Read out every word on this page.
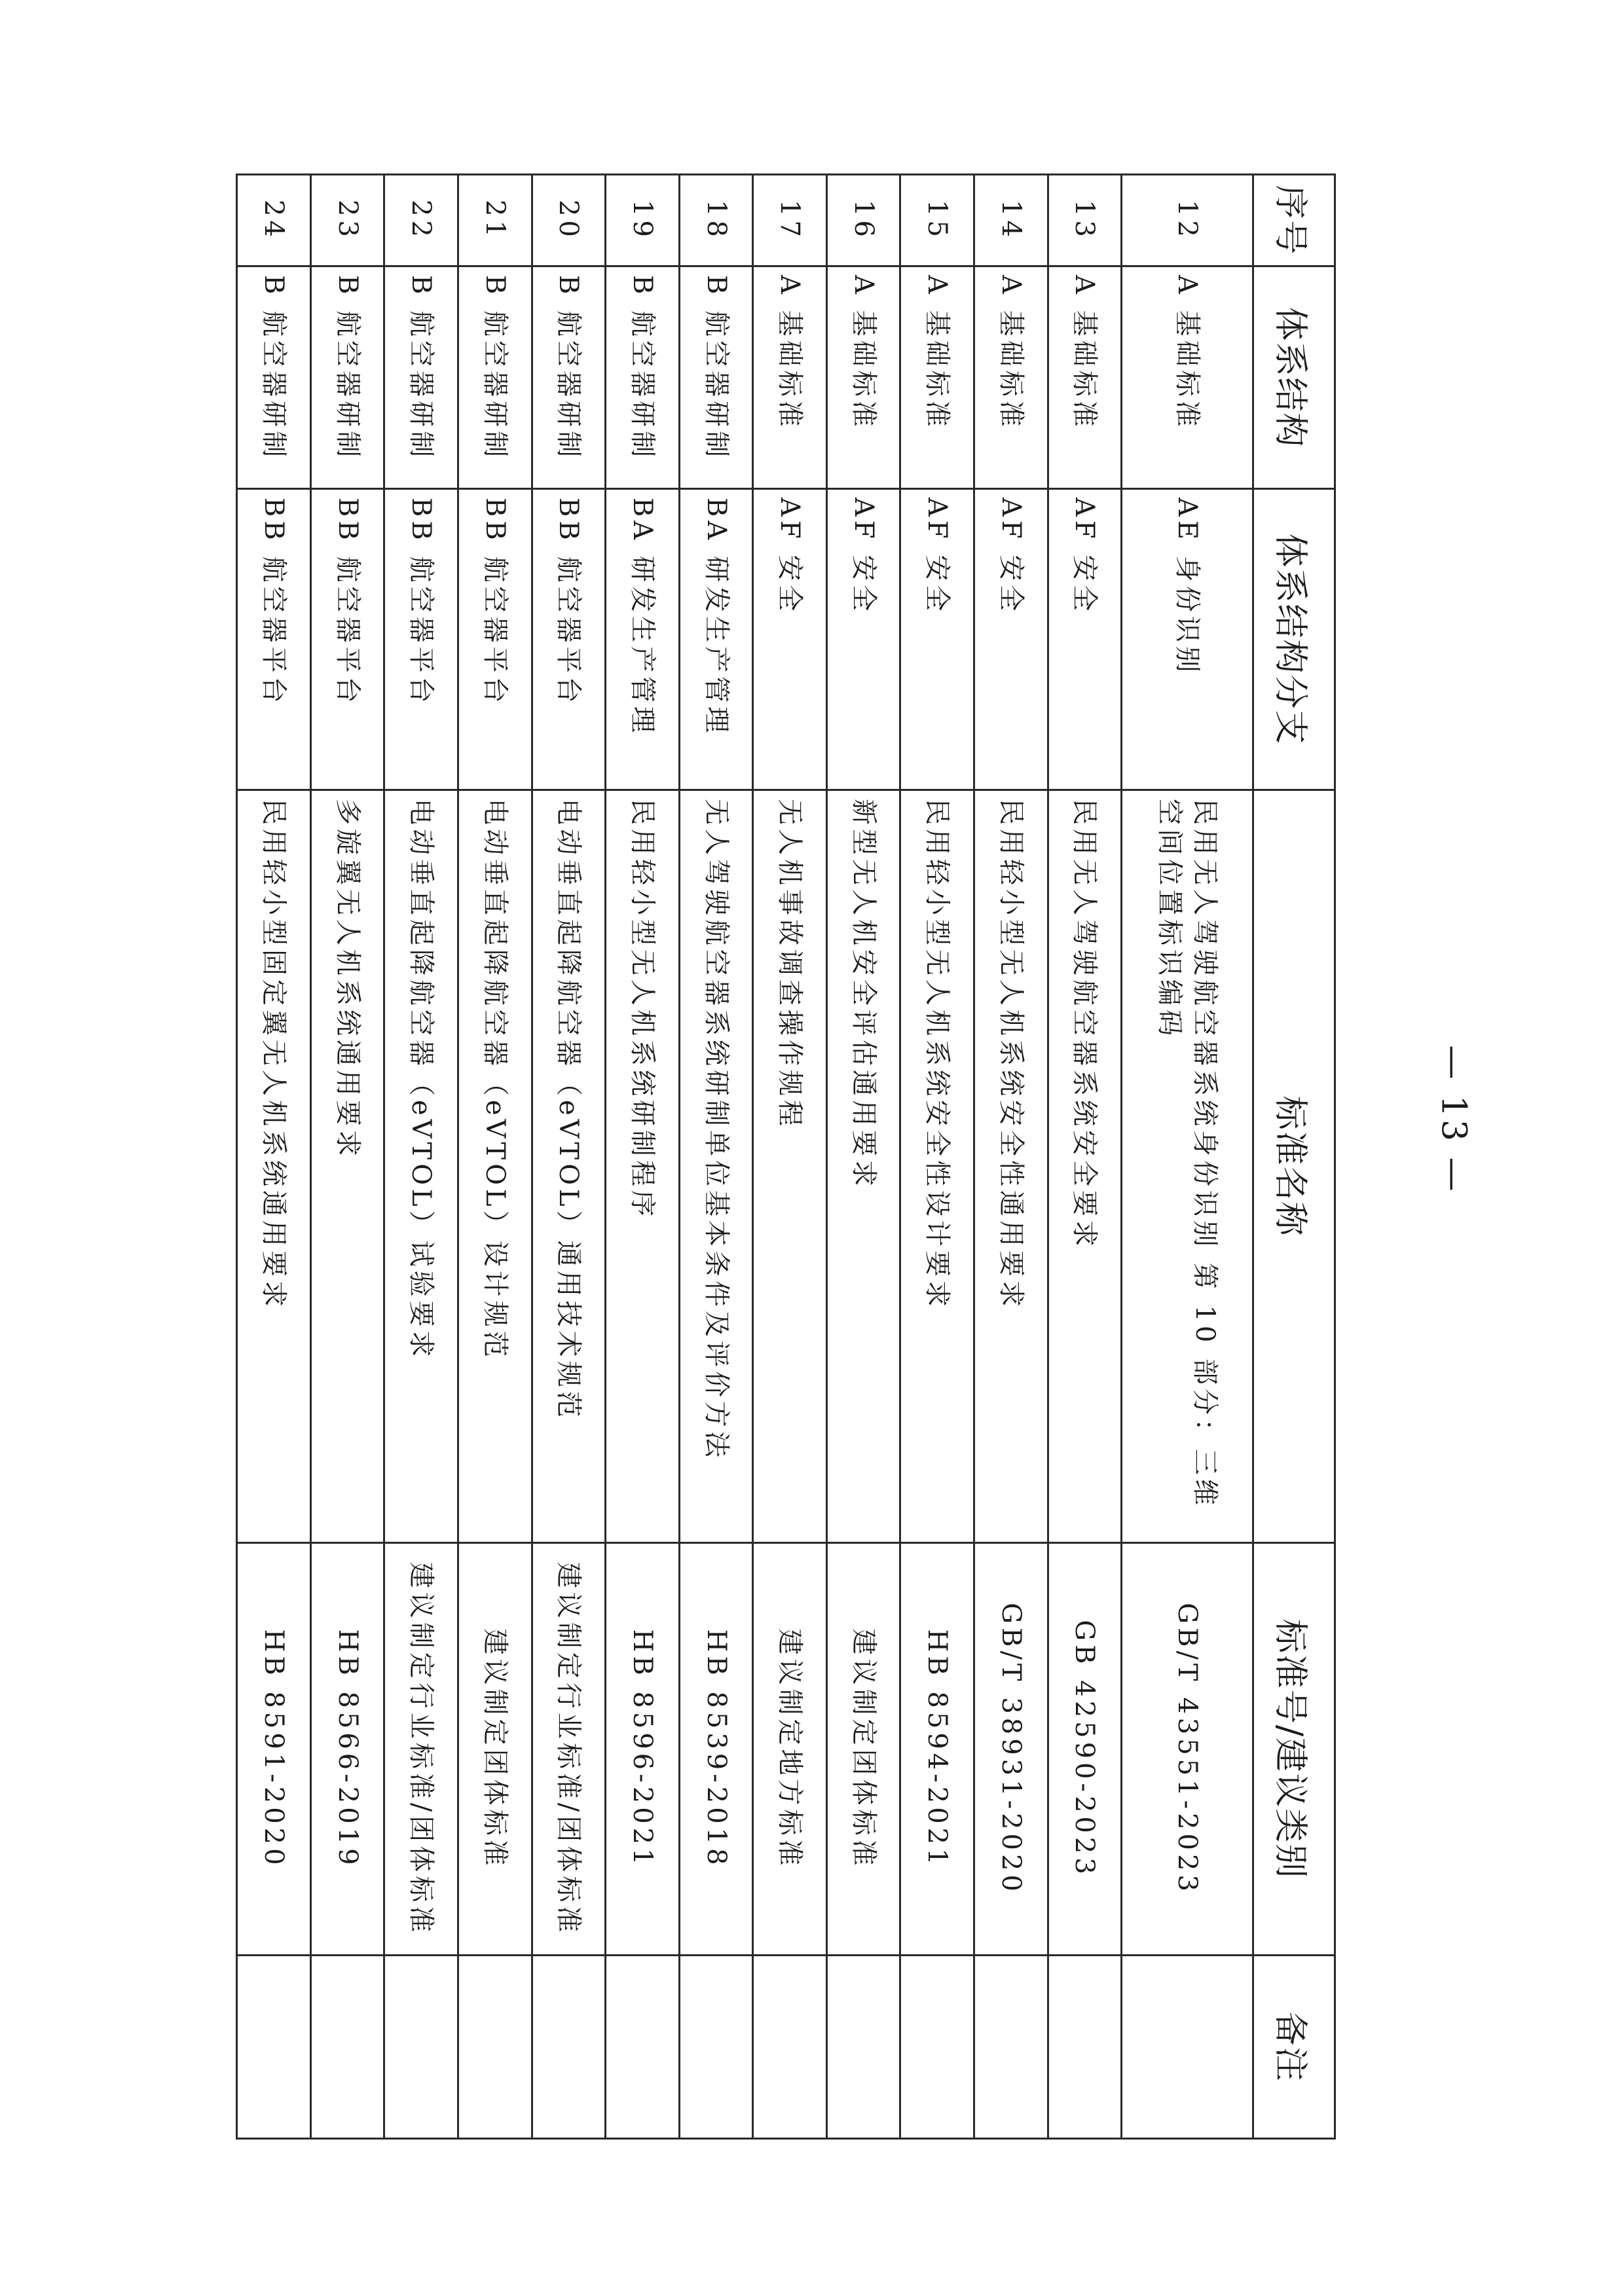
序号	体系结构	体系结构分支	标准名称	标准号/建议类别	备注
12	A 基础标准	AE 身份识别	民用无人驾驶航空器系统身份识别 第 10 部分：三维空间位置标识编码	GB/T 43551-2023	
13	A 基础标准	AF 安全	民用无人驾驶航空器系统安全要求	GB 42590-2023	
14	A 基础标准	AF 安全	民用轻小型无人机系统安全性通用要求	GB/T 38931-2020	
15	A 基础标准	AF 安全	民用轻小型无人机系统安全性设计要求	HB 8594-2021	
16	A 基础标准	AF 安全	新型无人机安全评估通用要求	建议制定团体标准	
17	A 基础标准	AF 安全	无人机事故调查操作规程	建议制定地方标准	
18	B 航空器研制	BA 研发生产管理	无人驾驶航空器系统研制单位基本条件及评价方法	HB 8539-2018	
19	B 航空器研制	BA 研发生产管理	民用轻小型无人机系统研制程序	HB 8596-2021	
20	B 航空器研制	BB 航空器平台	电动垂直起降航空器（eVTOL）通用技术规范	建议制定行业标准/团体标准	
21	B 航空器研制	BB 航空器平台	电动垂直起降航空器（eVTOL）设计规范	建议制定团体标准	
22	B 航空器研制	BB 航空器平台	电动垂直起降航空器（eVTOL）试验要求	建议制定行业标准/团体标准	
23	B 航空器研制	BB 航空器平台	多旋翼无人机系统通用要求	HB 8566-2019	
24	B 航空器研制	BB 航空器平台	民用轻小型固定翼无人机系统通用要求	HB 8591-2020	
— 13 —
